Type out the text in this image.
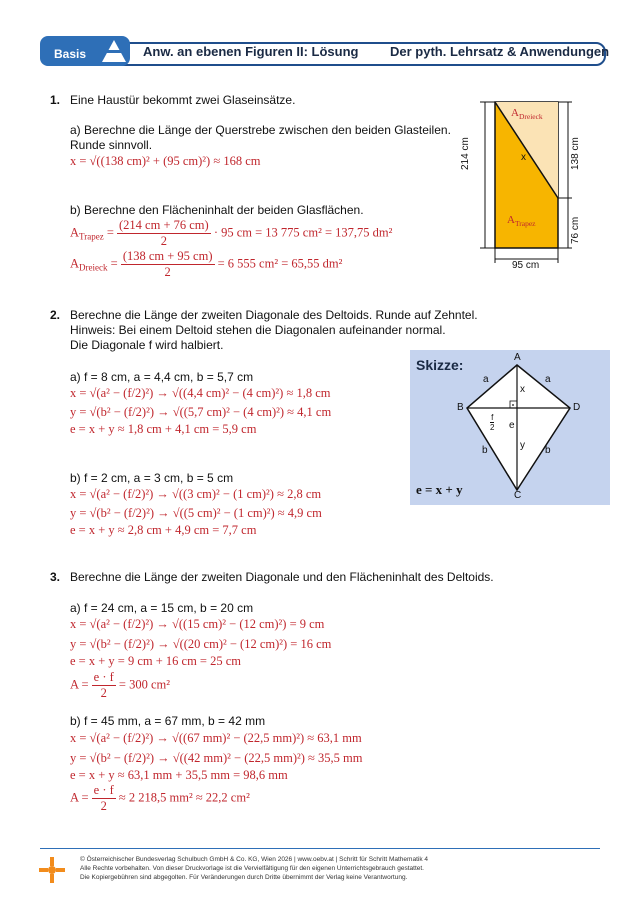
Basis	Anw. an ebenen Figuren II: Lösung Der pyth. Lehrsatz & Anwendungen
1. Eine Haustür bekommt zwei Glaseinsätze.
a) Berechne die Länge der Querstrebe zwischen den beiden Glasteilen.
Runde sinnvoll.
x = √((138 cm)² + (95 cm)²) ≈ 168 cm
b) Berechne den Flächeninhalt der beiden Glasflächen.
$A_{Trapez} = \frac{(214 cm + 76 cm)}{2} \cdot 95$ cm = 13 775 cm² = 137,75 dm²
$A_{Dreieck} = \frac{(138 cm + 95 cm)}{2} = 6$ 555 cm² = 65,55 dm²
$A_{Dreieck}$
$A_{Trapez}$
x
214 cm	138 cm
76 cm
95 cm
2. Berechne die Länge der zweiten Diagonale des Deltoids. Runde auf Zehntel.
Hinweis: Bei einem Deltoid stehen die Diagonalen aufeinander normal.
Die Diagonale f wird halbiert.
a) f = 8 cm, a = 4,4 cm, b = 5,7 cm
x = √(a² − (f/2)²) → √((4,4 cm)² − (4 cm)²) ≈ 1,8 cm
y = √(b² − (f/2)²) → √((5,7 cm)² − (4 cm)²) ≈ 4,1 cm
e = x + y ≈ 1,8 cm + 4,1 cm = 5,9 cm
b) f = 2 cm, a = 3 cm, b = 5 cm
x = √(a² − (f/2)²) → √((3 cm)² − (1 cm)²) ≈ 2,8 cm
y = √(b² − (f/2)²) → √((5 cm)² − (1 cm)²) ≈ 4,9 cm
e = x + y ≈ 2,8 cm + 4,9 cm = 7,7 cm
Skizze:	A
B
C
D
a	a
b	b
x
y
e
f
2
e = x + y
3. Berechne die Länge der zweiten Diagonale und den Flächeninhalt des Deltoids.
a) f = 24 cm, a = 15 cm, b = 20 cm
x = √(a² − (f/2)²) → √((15 cm)² − (12 cm)²) = 9 cm
y = √(b² − (f/2)²) → √((20 cm)² − (12 cm)²) = 16 cm
e = x + y = 9 cm + 16 cm = 25 cm
$A = \frac{e \cdot f}{2} = 300$ cm²
b) f = 45 mm, a = 67 mm, b = 42 mm
x = √(a² − (f/2)²) → √((67 mm)² − (22,5 mm)²) ≈ 63,1 mm
y = √(b² − (f/2)²) → √((42 mm)² − (22,5 mm)²) ≈ 35,5 mm
e = x + y ≈ 63,1 mm + 35,5 mm = 98,6 mm
$A = \frac{e \cdot f}{2} \approx 2$ 218,5 mm² ≈ 22,2 cm²
© Österreichischer Bundesverlag Schulbuch GmbH & Co. KG, Wien 2026 | www.oebv.at | Schritt für Schritt Mathematik 4
Alle Rechte vorbehalten. Von dieser Druckvorlage ist die Vervielfältigung für den eigenen Unterrichtsgebrauch gestattet.
Die Kopiergebühren sind abgegolten. Für Veränderungen durch Dritte übernimmt der Verlag keine Verantwortung.
